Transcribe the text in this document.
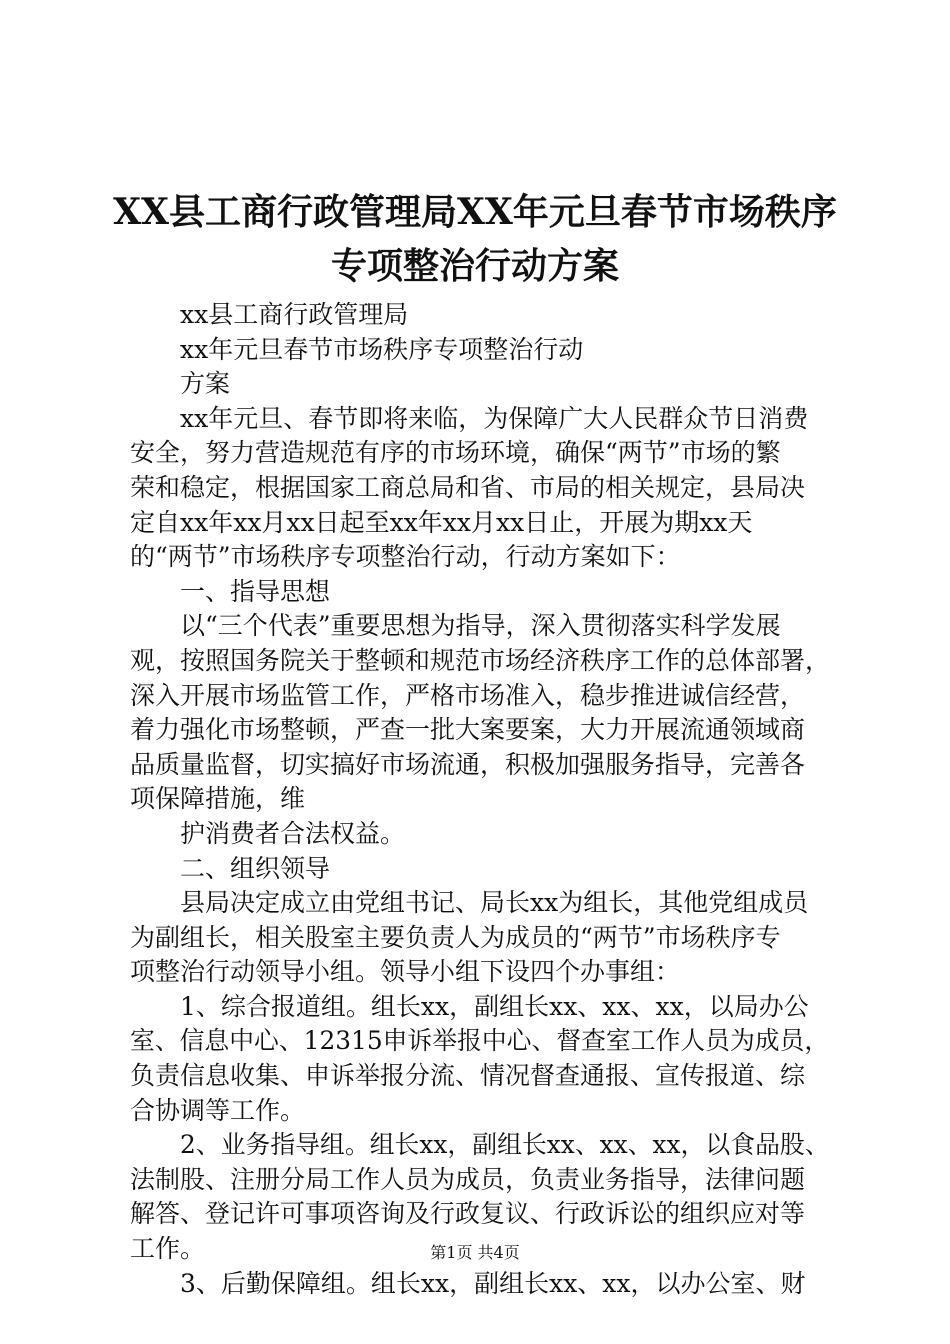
XX县工商行政管理局XX年元旦春节市场秩序
专项整治行动方案
xx县工商行政管理局
xx年元旦春节市场秩序专项整治行动
方案
xx年元旦、春节即将来临，为保障广大人民群众节日消费
安全，努力营造规范有序的市场环境，确保“两节”市场的繁
荣和稳定，根据国家工商总局和省、市局的相关规定，县局决
定自xx年xx月xx日起至xx年xx月xx日止，开展为期xx天
的“两节”市场秩序专项整治行动，行动方案如下：
一、指导思想
以“三个代表”重要思想为指导，深入贯彻落实科学发展
观，按照国务院关于整顿和规范市场经济秩序工作的总体部署，
深入开展市场监管工作，严格市场准入，稳步推进诚信经营，
着力强化市场整顿，严查一批大案要案，大力开展流通领域商
品质量监督，切实搞好市场流通，积极加强服务指导，完善各
项保障措施，维
护消费者合法权益。
二、组织领导
县局决定成立由党组书记、局长xx为组长，其他党组成员
为副组长，相关股室主要负责人为成员的“两节”市场秩序专
项整治行动领导小组。领导小组下设四个办事组：
1、综合报道组。组长xx，副组长xx、xx、xx，以局办公
室、信息中心、12315申诉举报中心、督查室工作人员为成员，
负责信息收集、申诉举报分流、情况督查通报、宣传报道、综
合协调等工作。
2、业务指导组。组长xx，副组长xx、xx、xx，以食品股、
法制股、注册分局工作人员为成员，负责业务指导，法律问题
解答、登记许可事项咨询及行政复议、行政诉讼的组织应对等
工作。
3、后勤保障组。组长xx，副组长xx、xx，以办公室、财
第1页 共4页
